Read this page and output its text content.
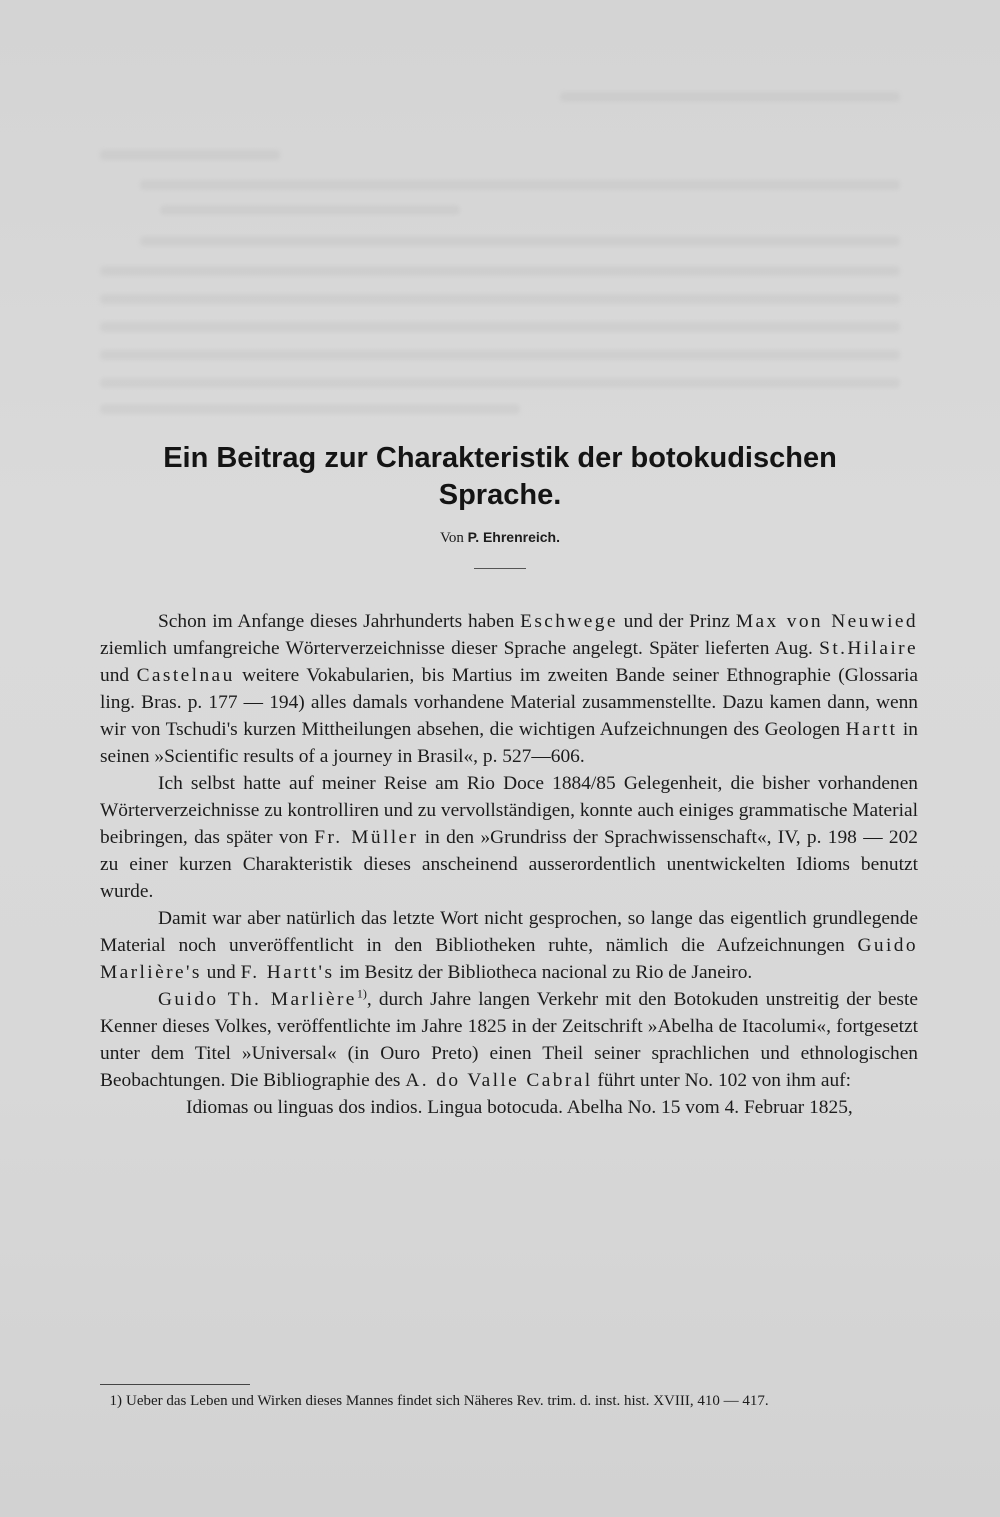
Ein Beitrag zur Charakteristik der botokudischen Sprache.
Von P. Ehrenreich.

Schon im Anfange dieses Jahrhunderts haben Eschwege und der Prinz Max von Neuwied ziemlich umfangreiche Wörterverzeichnisse dieser Sprache angelegt. Später lieferten Aug. St.Hilaire und Castelnau weitere Vokabularien, bis Martius im zweiten Bande seiner Ethnographie (Glossaria ling. Bras. p. 177 — 194) alles damals vorhandene Material zusammenstellte. Dazu kamen dann, wenn wir von Tschudi's kurzen Mittheilungen absehen, die wichtigen Aufzeichnungen des Geologen Hartt in seinen »Scientific results of a journey in Brasil«, p. 527—606.

Ich selbst hatte auf meiner Reise am Rio Doce 1884/85 Gelegenheit, die bisher vorhandenen Wörterverzeichnisse zu kontrolliren und zu vervollständigen, konnte auch einiges grammatische Material beibringen, das später von Fr. Müller in den »Grundriss der Sprachwissenschaft«, IV, p. 198 — 202 zu einer kurzen Charakteristik dieses anscheinend ausserordentlich unentwickelten Idioms benutzt wurde.

Damit war aber natürlich das letzte Wort nicht gesprochen, so lange das eigentlich grundlegende Material noch unveröffentlicht in den Bibliotheken ruhte, nämlich die Aufzeichnungen Guido Marlière's und F. Hartt's im Besitz der Bibliotheca nacional zu Rio de Janeiro.

Guido Th. Marlière$^{1)}$, durch Jahre langen Verkehr mit den Botokuden unstreitig der beste Kenner dieses Volkes, veröffentlichte im Jahre 1825 in der Zeitschrift »Abelha de Itacolumi«, fortgesetzt unter dem Titel »Universal« (in Ouro Preto) einen Theil seiner sprachlichen und ethnologischen Beobachtungen. Die Bibliographie des A. do Valle Cabral führt unter No. 102 von ihm auf:

Idiomas ou linguas dos indios. Lingua botocuda. Abelha No. 15 vom 4. Februar 1825,

1) Ueber das Leben und Wirken dieses Mannes findet sich Näheres Rev. trim. d. inst. hist. XVIII, 410 — 417.
